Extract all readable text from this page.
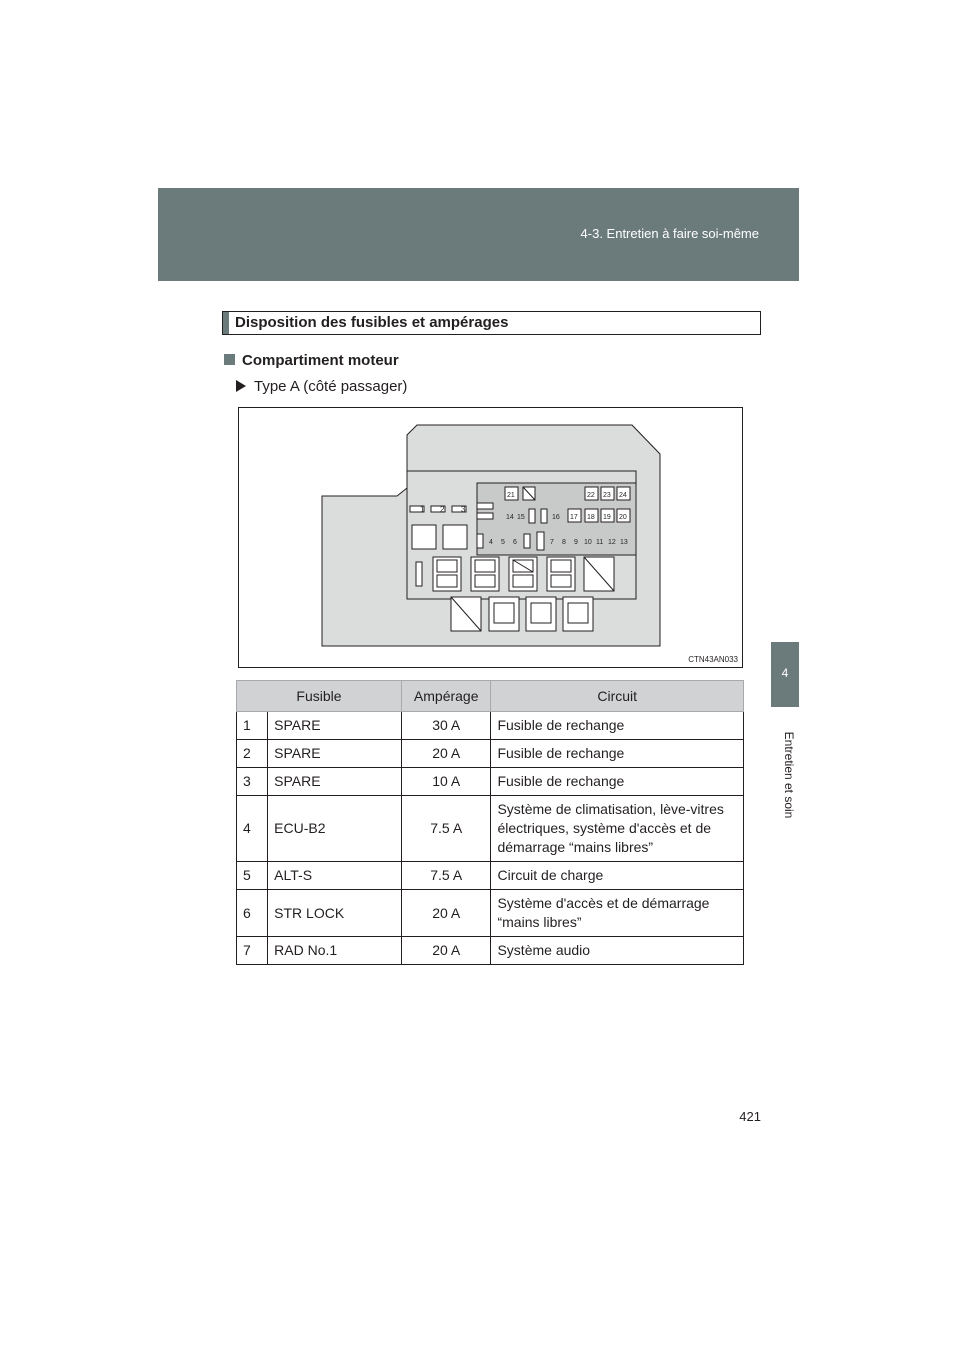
4-3. Entretien à faire soi-même
4
Entretien et soin
Disposition des fusibles et ampérages
Compartiment moteur
Type A (côté passager)
1 2 3
21	22 23 24
14 15	16 17 18 19 20
4 5 6	7 8 9 10 11 12 13
CTN43AN033
Fusible		Ampérage	Circuit
1	SPARE	30 A	Fusible de rechange
2	SPARE	20 A	Fusible de rechange
3	SPARE	10 A	Fusible de rechange
4	ECU-B2	7.5 A	Système de climatisation, lève-vitres électriques, système d'accès et de démarrage “mains libres”
5	ALT-S	7.5 A	Circuit de charge
6	STR LOCK	20 A	Système d'accès et de démarrage “mains libres”
7	RAD No.1	20 A	Système audio
421
